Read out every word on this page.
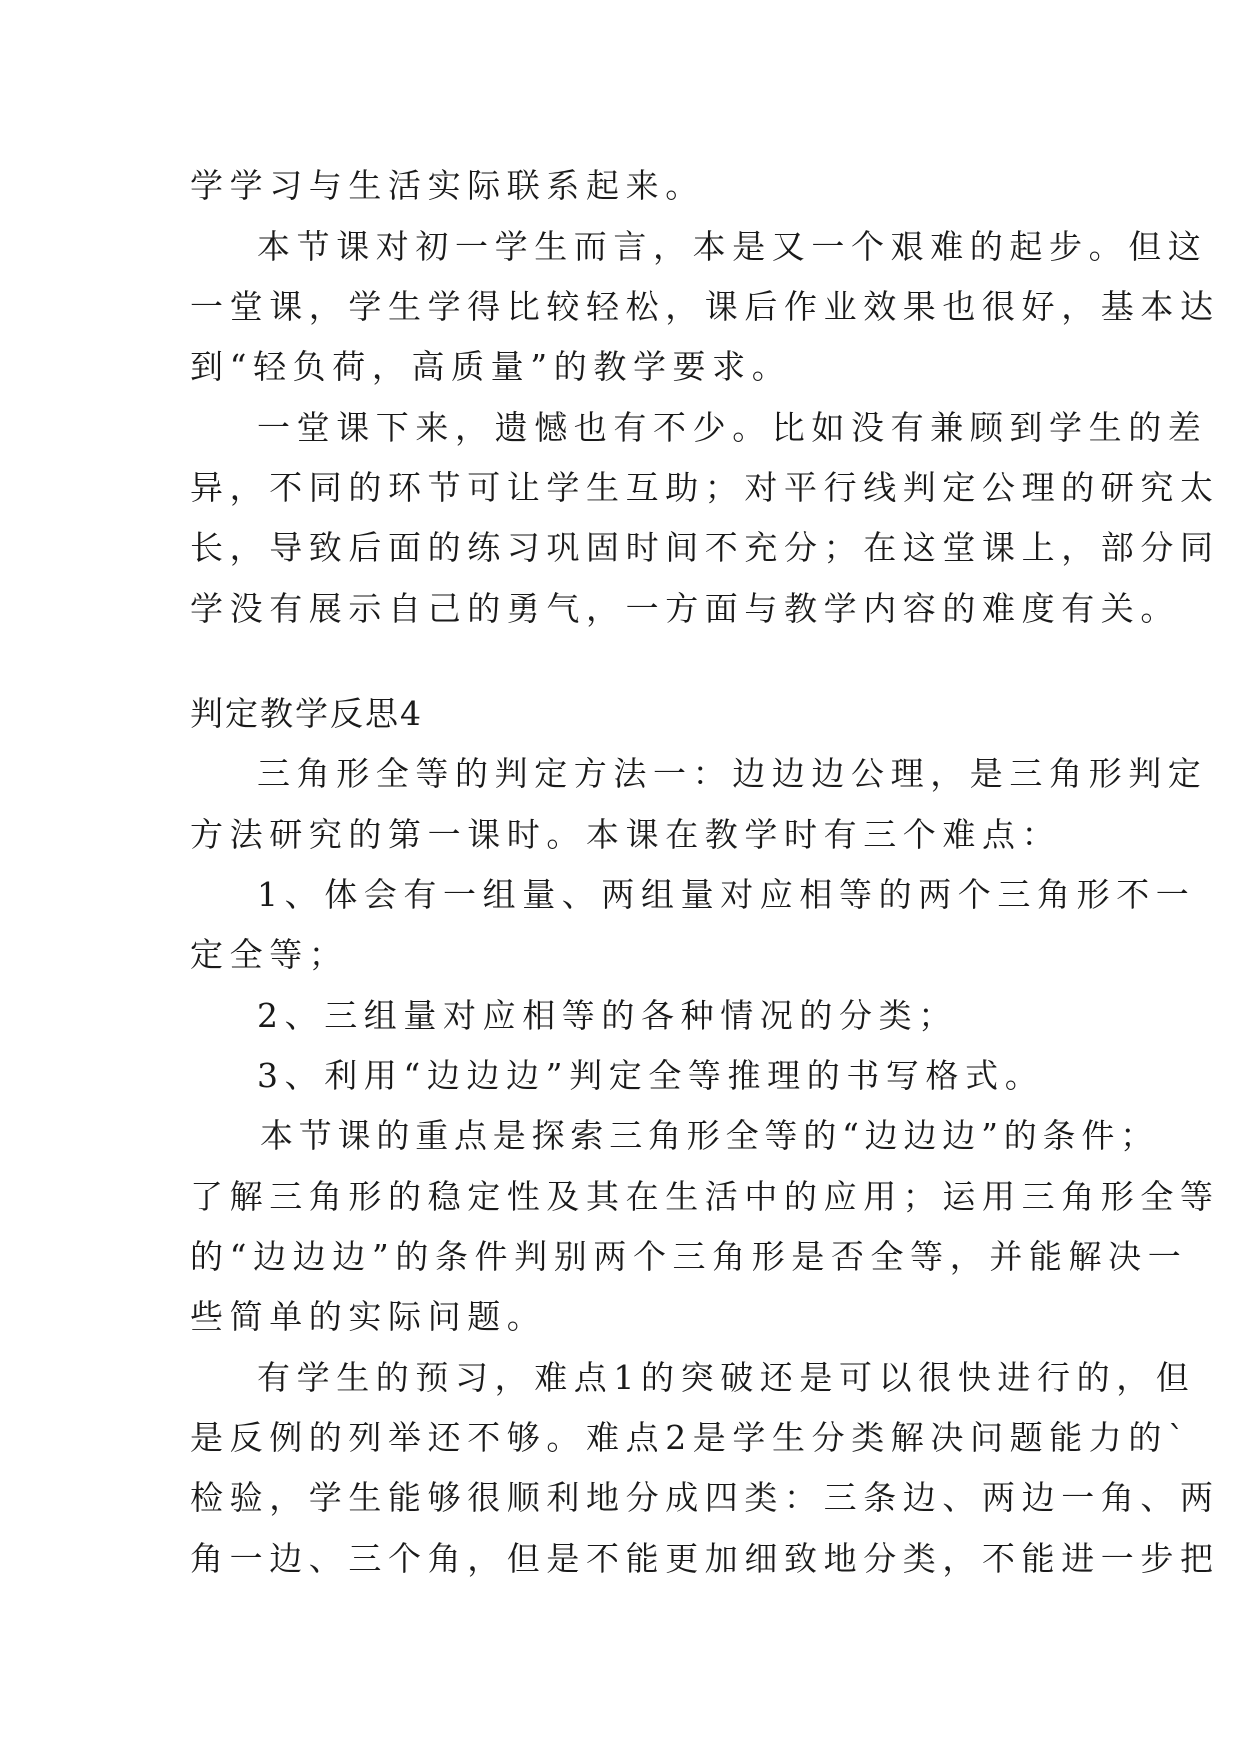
学学习与生活实际联系起来。
本节课对初一学生而言，本是又一个艰难的起步。但这
一堂课，学生学得比较轻松，课后作业效果也很好，基本达
到“轻负荷，高质量”的教学要求。
一堂课下来，遗憾也有不少。比如没有兼顾到学生的差
异，不同的环节可让学生互助；对平行线判定公理的研究太
长，导致后面的练习巩固时间不充分；在这堂课上，部分同
学没有展示自己的勇气，一方面与教学内容的难度有关。
判定教学反思4
三角形全等的判定方法一：边边边公理，是三角形判定
方法研究的第一课时。本课在教学时有三个难点：
1、体会有一组量、两组量对应相等的两个三角形不一
定全等；
2、三组量对应相等的各种情况的分类；
3、利用“边边边”判定全等推理的书写格式。
本节课的重点是探索三角形全等的“边边边”的条件；
了解三角形的稳定性及其在生活中的应用；运用三角形全等
的“边边边”的条件判别两个三角形是否全等，并能解决一
些简单的实际问题。
有学生的预习，难点1的突破还是可以很快进行的，但
是反例的列举还不够。难点2是学生分类解决问题能力的`
检验，学生能够很顺利地分成四类：三条边、两边一角、两
角一边、三个角，但是不能更加细致地分类，不能进一步把
